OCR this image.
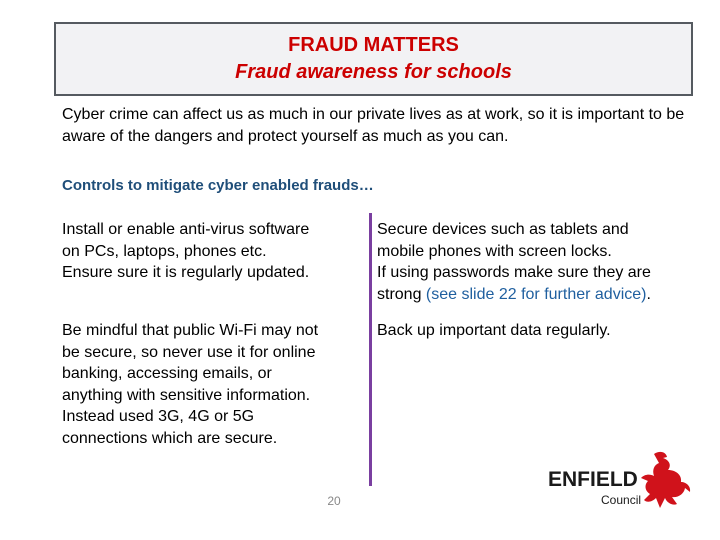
FRAUD MATTERS
Fraud awareness for schools
Cyber crime can affect us as much in our private lives as at work, so it is important to be aware of the dangers and protect yourself as much as you can.
Controls to mitigate cyber enabled frauds…
Install or enable anti-virus software
on PCs, laptops, phones etc.
Ensure sure it is regularly updated.
Secure devices such as tablets and
mobile phones with screen locks.
If using passwords make sure they are
strong (see slide 22 for further advice).
Be mindful that public Wi-Fi may not
be secure, so never use it for online
banking, accessing emails, or
anything with sensitive information.
Instead used 3G, 4G or 5G
connections which are secure.
Back up important data regularly.
20
ENFIELD
Council
